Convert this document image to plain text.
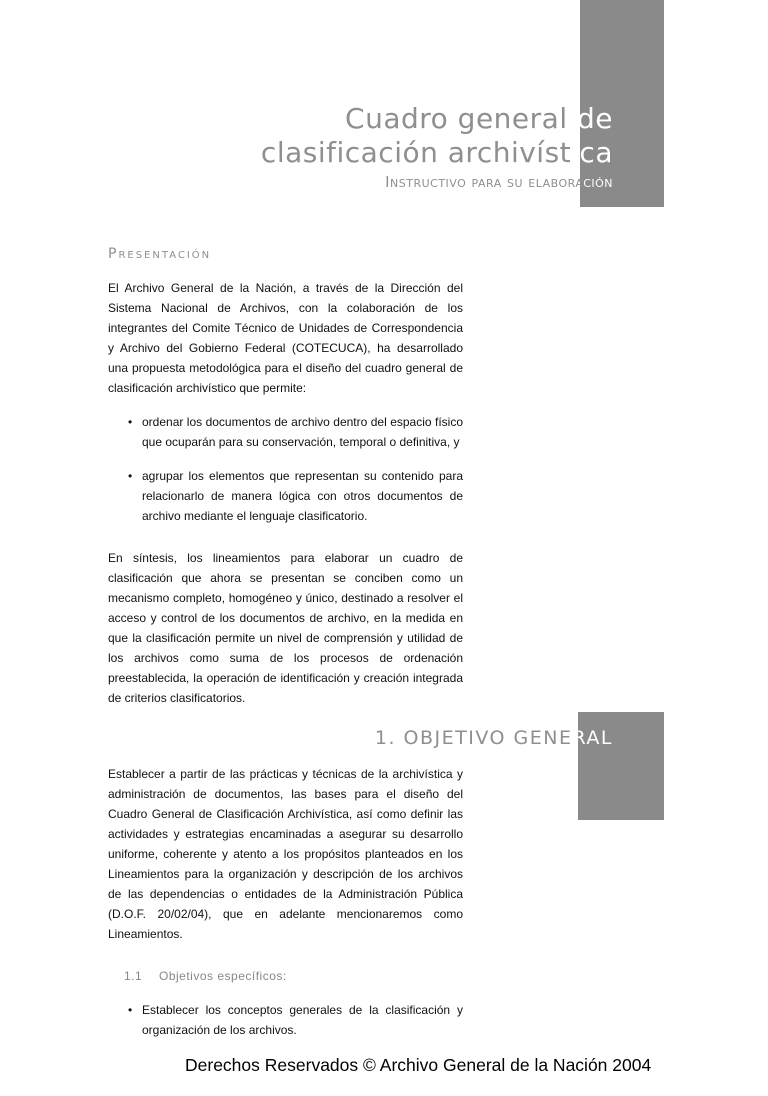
Cuadro general de
clasificación archivística
Instructivo para su elaboración
Presentación

El Archivo General de la Nación, a través de la Dirección del Sistema Nacional de Archivos, con la colaboración de los integrantes del Comite Técnico de Unidades de Correspondencia y Archivo del Gobierno Federal (COTECUCA), ha desarrollado una propuesta metodológica para el diseño del cuadro general de clasificación archivístico que permite:

• ordenar los documentos de archivo dentro del espacio físico que ocuparán para su conservación, temporal o definitiva, y
• agrupar los elementos que representan su contenido para relacionarlo de manera lógica con otros documentos de archivo mediante el lenguaje clasificatorio.

En síntesis, los lineamientos para elaborar un cuadro de clasificación que ahora se presentan se conciben como un mecanismo completo, homogéneo y único, destinado a resolver el acceso y control de los documentos de archivo, en la medida en que la clasificación permite un nivel de comprensión y utilidad de los archivos como suma de los procesos de ordenación preestablecida, la operación de identificación y creación integrada de criterios clasificatorios.

1. OBJETIVO GENERAL

Establecer a partir de las prácticas y técnicas de la archivística y administración de documentos, las bases para el diseño del Cuadro General de Clasificación Archivística, así como definir las actividades y estrategias encaminadas a asegurar su desarrollo uniforme, coherente y atento a los propósitos planteados en los Lineamientos para la organización y descripción de los archivos de las dependencias o entidades de la Administración Pública (D.O.F. 20/02/04), que en adelante mencionaremos como Lineamientos.

1.1 Objetivos específicos:
• Establecer los conceptos generales de la clasificación y organización de los archivos.
Derechos Reservados © Archivo General de la Nación 2004
